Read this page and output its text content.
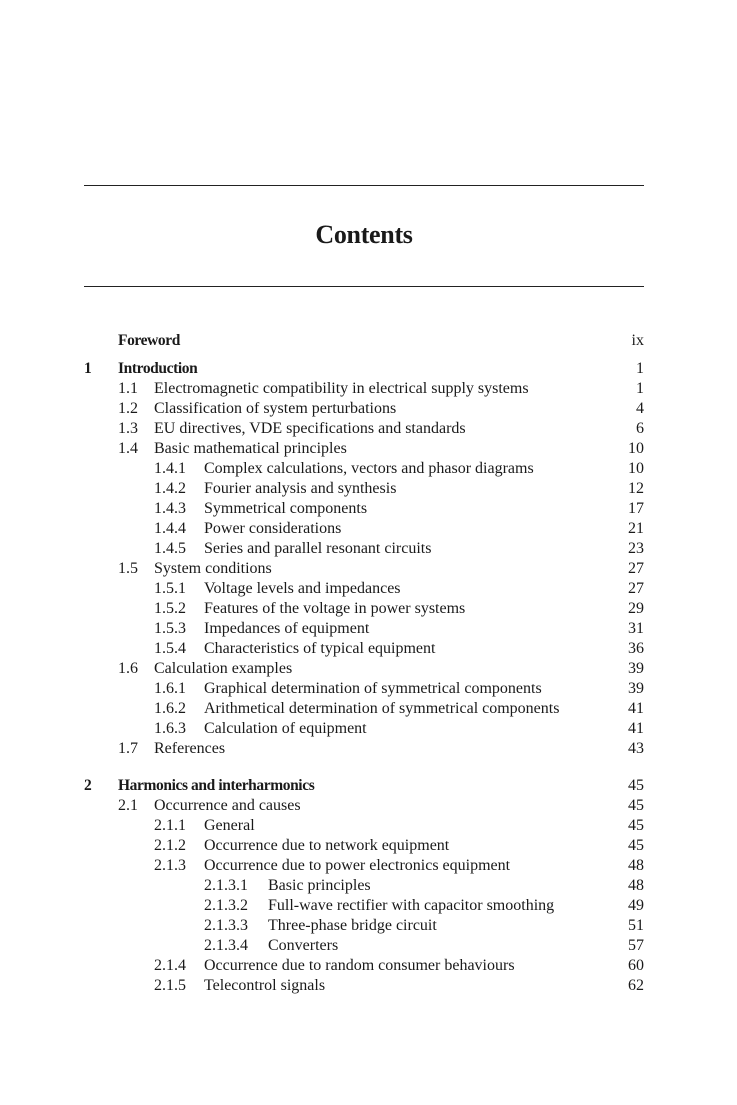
Contents
Foreword	ix
1 Introduction	1
1.1 Electromagnetic compatibility in electrical supply systems	1
1.2 Classification of system perturbations	4
1.3 EU directives, VDE specifications and standards	6
1.4 Basic mathematical principles	10
1.4.1 Complex calculations, vectors and phasor diagrams	10
1.4.2 Fourier analysis and synthesis	12
1.4.3 Symmetrical components	17
1.4.4 Power considerations	21
1.4.5 Series and parallel resonant circuits	23
1.5 System conditions	27
1.5.1 Voltage levels and impedances	27
1.5.2 Features of the voltage in power systems	29
1.5.3 Impedances of equipment	31
1.5.4 Characteristics of typical equipment	36
1.6 Calculation examples	39
1.6.1 Graphical determination of symmetrical components	39
1.6.2 Arithmetical determination of symmetrical components	41
1.6.3 Calculation of equipment	41
1.7 References	43
2 Harmonics and interharmonics	45
2.1 Occurrence and causes	45
2.1.1 General	45
2.1.2 Occurrence due to network equipment	45
2.1.3 Occurrence due to power electronics equipment	48
2.1.3.1 Basic principles	48
2.1.3.2 Full-wave rectifier with capacitor smoothing	49
2.1.3.3 Three-phase bridge circuit	51
2.1.3.4 Converters	57
2.1.4 Occurrence due to random consumer behaviours	60
2.1.5 Telecontrol signals	62
